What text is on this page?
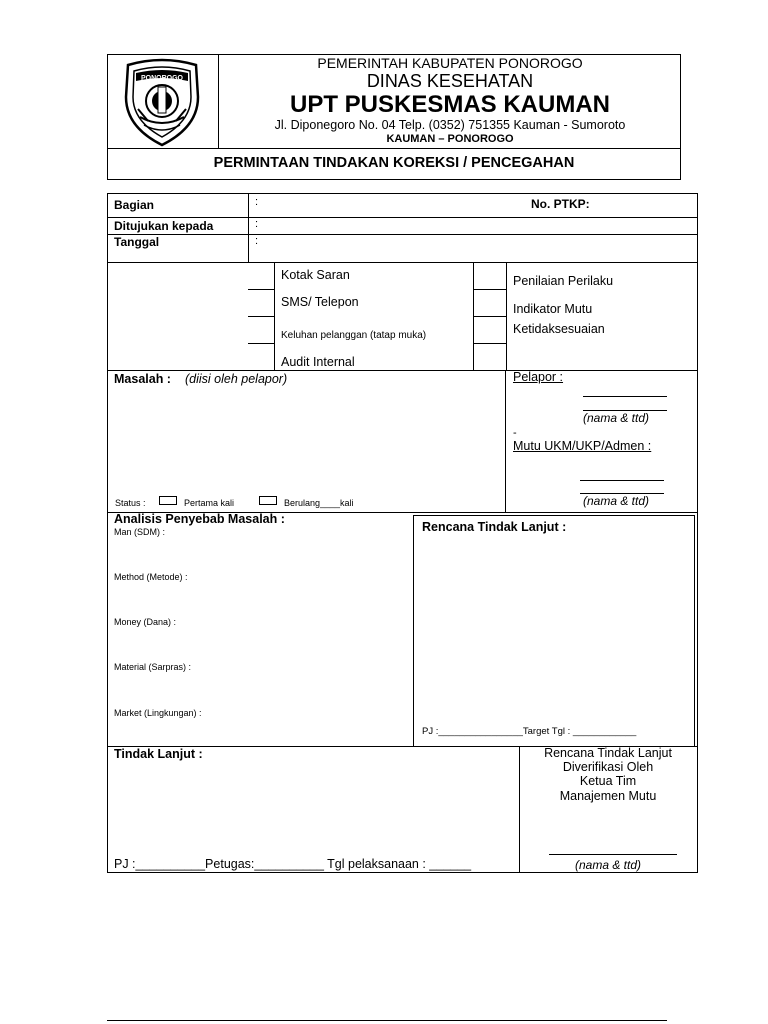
PONOROGO
PEMERINTAH KABUPATEN PONOROGO
DINAS KESEHATAN
UPT PUSKESMAS KAUMAN
Jl. Diponegoro No. 04 Telp. (0352) 751355 Kauman - Sumoroto
KAUMAN – PONOROGO
PERMINTAAN TINDAKAN KOREKSI / PENCEGAHAN
Bagian	:	No. PTKP:
Ditujukan kepada	:
Tanggal	:
Kotak Saran
SMS/ Telepon
Keluhan pelanggan (tatap muka)
Audit Internal
Penilaian Perilaku
Indikator Mutu
Ketidaksesuaian
Masalah : (diisi oleh pelapor)
Status :	Pertama kali	Berulang____kali
Pelapor :
(nama & ttd)
-
Mutu UKM/UKP/Admen :
(nama & ttd)
Analisis Penyebab Masalah :
Man (SDM) :
Method (Metode) :
Money (Dana) :
Material (Sarpras) :
Market (Lingkungan) :
Rencana Tindak Lanjut :
PJ :________________Target Tgl : ____________
Tindak Lanjut :
PJ :__________Petugas:__________ Tgl pelaksanaan : ______
Rencana Tindak Lanjut
Diverifikasi Oleh
Ketua Tim
Manajemen Mutu
(nama & ttd)
